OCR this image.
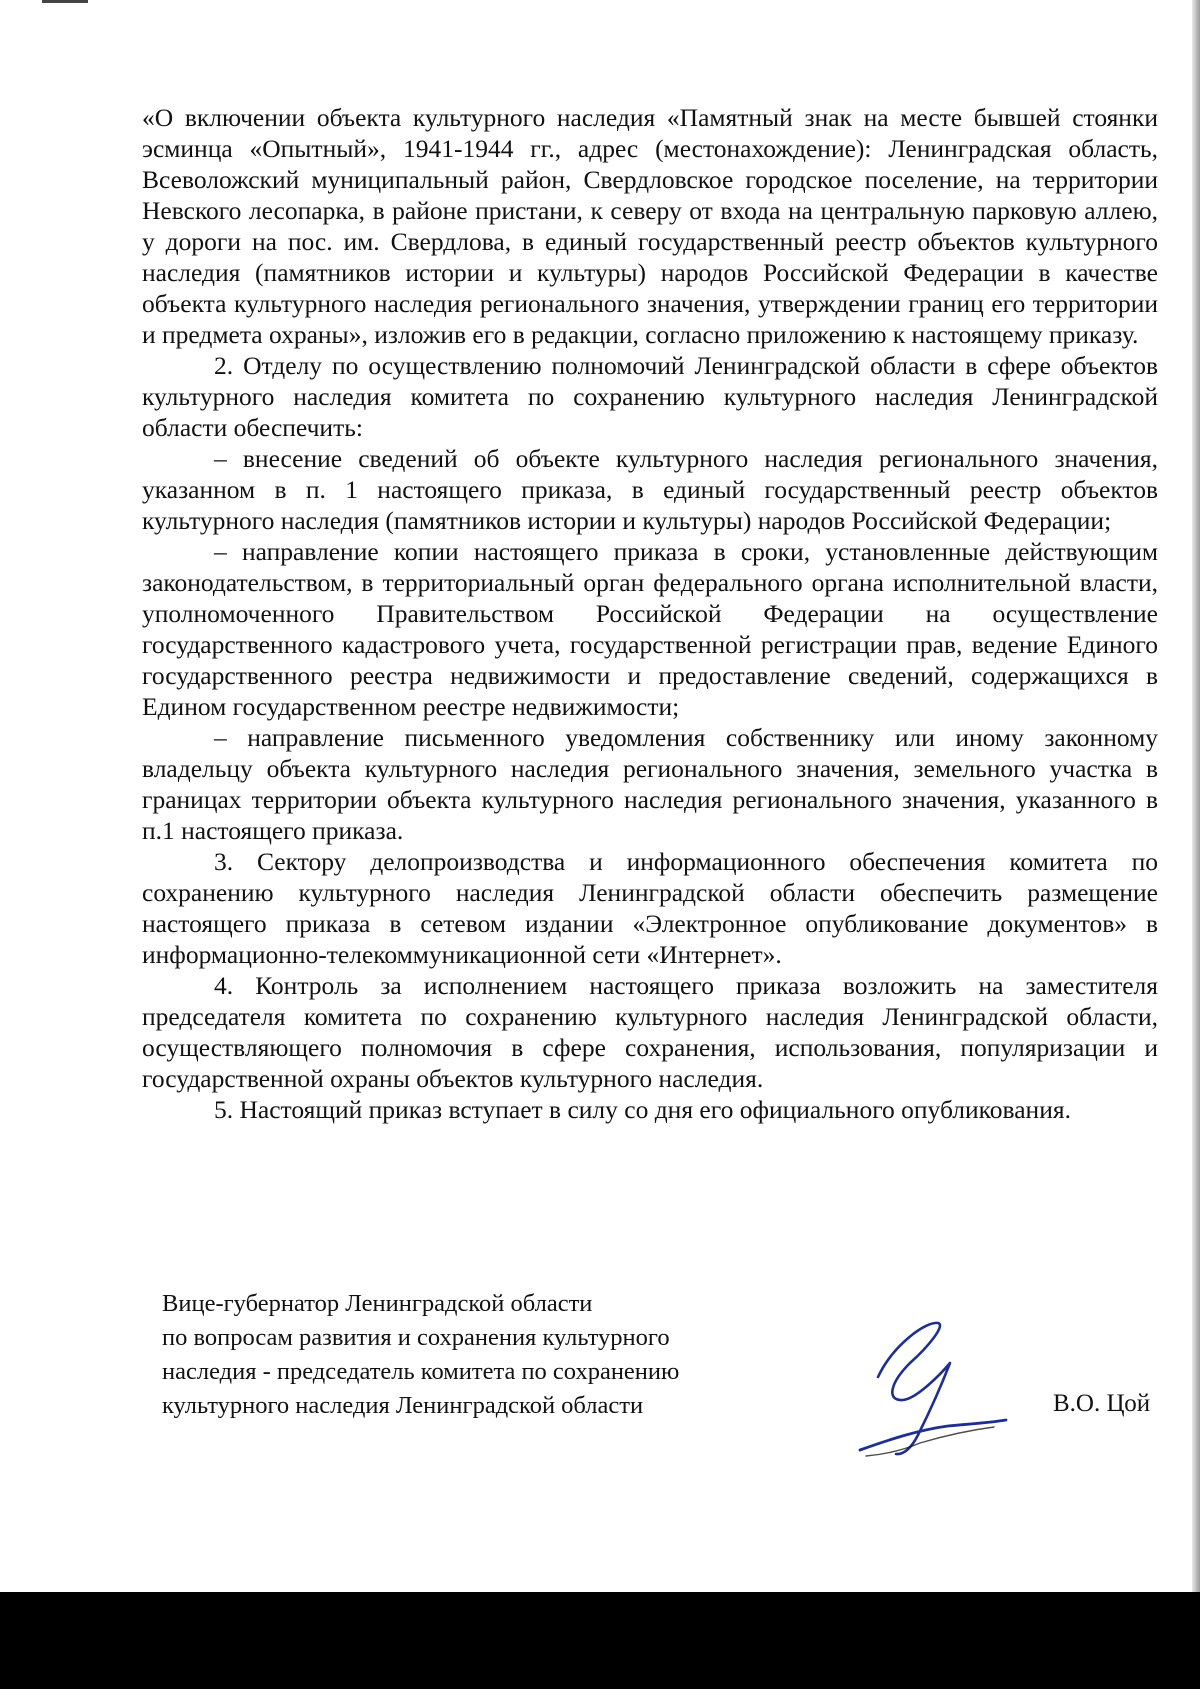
«О включении объекта культурного наследия «Памятный знак на месте бывшей стоянки эсминца «Опытный», 1941-1944 гг., адрес (местонахождение): Ленинградская область, Всеволожский муниципальный район, Свердловское городское поселение, на территории Невского лесопарка, в районе пристани, к северу от входа на центральную парковую аллею, у дороги на пос. им. Свердлова, в единый государственный реестр объектов культурного наследия (памятников истории и культуры) народов Российской Федерации в качестве объекта культурного наследия регионального значения, утверждении границ его территории и предмета охраны», изложив его в редакции, согласно приложению к настоящему приказу.

2. Отделу по осуществлению полномочий Ленинградской области в сфере объектов культурного наследия комитета по сохранению культурного наследия Ленинградской области обеспечить:

– внесение сведений об объекте культурного наследия регионального значения, указанном в п. 1 настоящего приказа, в единый государственный реестр объектов культурного наследия (памятников истории и культуры) народов Российской Федерации;

– направление копии настоящего приказа в сроки, установленные действующим законодательством, в территориальный орган федерального органа исполнительной власти, уполномоченного Правительством Российской Федерации на осуществление государственного кадастрового учета, государственной регистрации прав, ведение Единого государственного реестра недвижимости и предоставление сведений, содержащихся в Едином государственном реестре недвижимости;

– направление письменного уведомления собственнику или иному законному владельцу объекта культурного наследия регионального значения, земельного участка в границах территории объекта культурного наследия регионального значения, указанного в п.1 настоящего приказа.

3. Сектору делопроизводства и информационного обеспечения комитета по сохранению культурного наследия Ленинградской области обеспечить размещение настоящего приказа в сетевом издании «Электронное опубликование документов» в информационно-телекоммуникационной сети «Интернет».

4. Контроль за исполнением настоящего приказа возложить на заместителя председателя комитета по сохранению культурного наследия Ленинградской области, осуществляющего полномочия в сфере сохранения, использования, популяризации и государственной охраны объектов культурного наследия.

5. Настоящий приказ вступает в силу со дня его официального опубликования.

Вице-губернатор Ленинградской области
по вопросам развития и сохранения культурного
наследия - председатель комитета по сохранению
культурного наследия Ленинградской области	В.О. Цой
